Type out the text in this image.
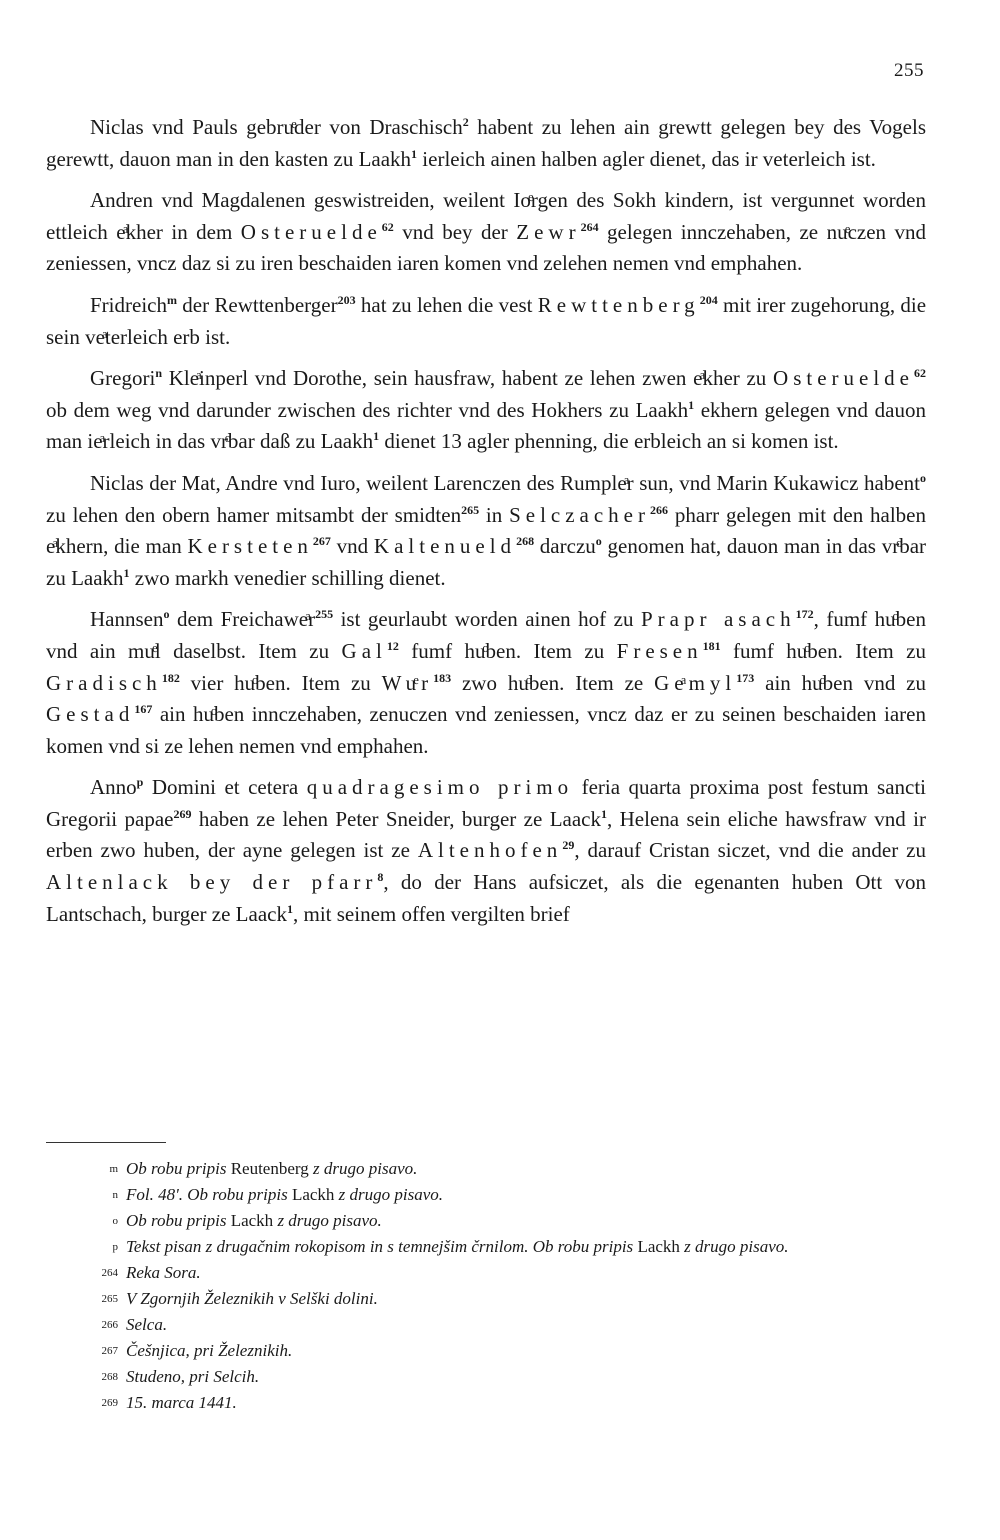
255

Niclas vnd Pauls gebruͤder von Draschisch$^2$ habent zu lehen ain grewtt gelegen bey des Vogels gerewtt, dauon man in den kasten zu Laakh$^1$ ierleich ainen halben agler dienet, das ir veterleich ist.

Andren vnd Magdalenen geswistreiden, weilent Ioͤrgen des Sokh kindern, ist vergunnet worden ettleich eͣkher in dem Osteruelde$^{62}$ vnd bey der Zewr$^{264}$ gelegen innczehaben, ze nuͤczen vnd zeniessen, vncz daz si zu iren beschaiden iaren komen vnd zelehen nemen vnd emphahen.

Fridreich$^m$ der Rewttenberger$^{203}$ hat zu lehen die vest Rewttenberg$^{204}$ mit irer zugehorung, die sein veͣterleich erb ist.

Gregori$^n$ Kleͣinperl vnd Dorothe, sein hausfraw, habent ze lehen zwen eͣkher zu Osteruelde$^{62}$ ob dem weg vnd darunder zwischen des richter vnd des Hokhers zu Laakh$^1$ ekhern gelegen vnd dauon man ieͣrleich in das vrͦbar daß zu Laakh$^1$ dienet 13 agler phenning, die erbleich an si komen ist.

Niclas der Mat, Andre vnd Iuro, weilent Larenczen des Rumpleͣr sun, vnd Marin Kukawicz habent$^o$ zu lehen den obern hamer mitsambt der smidten$^{265}$ in Selczacher$^{266}$ pharr gelegen mit den halben eͣkhern, die man Kersteten$^{267}$ vnd Kaltenueld$^{268}$ darczu$^o$ genomen hat, dauon man in das vrͦbar zu Laakh$^1$ zwo markh venedier schilling dienet.

Hannsen$^o$ dem $Freichaweͣr^{255}$ ist geurlaubt worden ainen hof zu Prapr asach$^{172}$, fumf huͦben vnd ain muͤl daselbst. Item zu Gal$^{12}$ fumf huͦben. Item zu Fresen$^{181}$ fumf huͦben. Item zu Gradisch$^{182}$ vier huͦben. Item zu $Wuͤr^{183}$ zwo huͦben. Item ze Geͣmyl$^{173}$ ain huͦben vnd zu Gestad$^{167}$ ain huͦben innczehaben, zenuczen vnd zeniessen, vncz daz er zu seinen beschaiden iaren komen vnd si ze lehen nemen vnd emphahen.

Anno$^p$ Domini et cetera quadragesimo primo feria quarta proxima post festum sancti Gregorii papae$^{269}$ haben ze lehen Peter Sneider, burger ze Laack$^1$, Helena sein eliche hawsfraw vnd ir erben zwo huben, der ayne gelegen ist ze Altenhofen$^{29}$, darauf Cristan siczet, vnd die ander zu Altenlack bey der pfarr$^8$, do der Hans aufsiczet, als die egenanten huben Ott von Lantschach, burger ze Laack$^1$, mit seinem offen vergilten brief

m Ob robu pripis Reutenberg z drugo pisavo.
n Fol. 48'. Ob robu pripis Lackh z drugo pisavo.
o Ob robu pripis Lackh z drugo pisavo.
p Tekst pisan z drugačnim rokopisom in s temnejšim črnilom. Ob robu pripis Lackh z drugo pisavo.
264 Reka Sora.
265 V Zgornjih Železnikih v Selški dolini.
266 Selca.
267 Češnjica, pri Železnikih.
268 Studeno, pri Selcih.
269 15. marca 1441.
